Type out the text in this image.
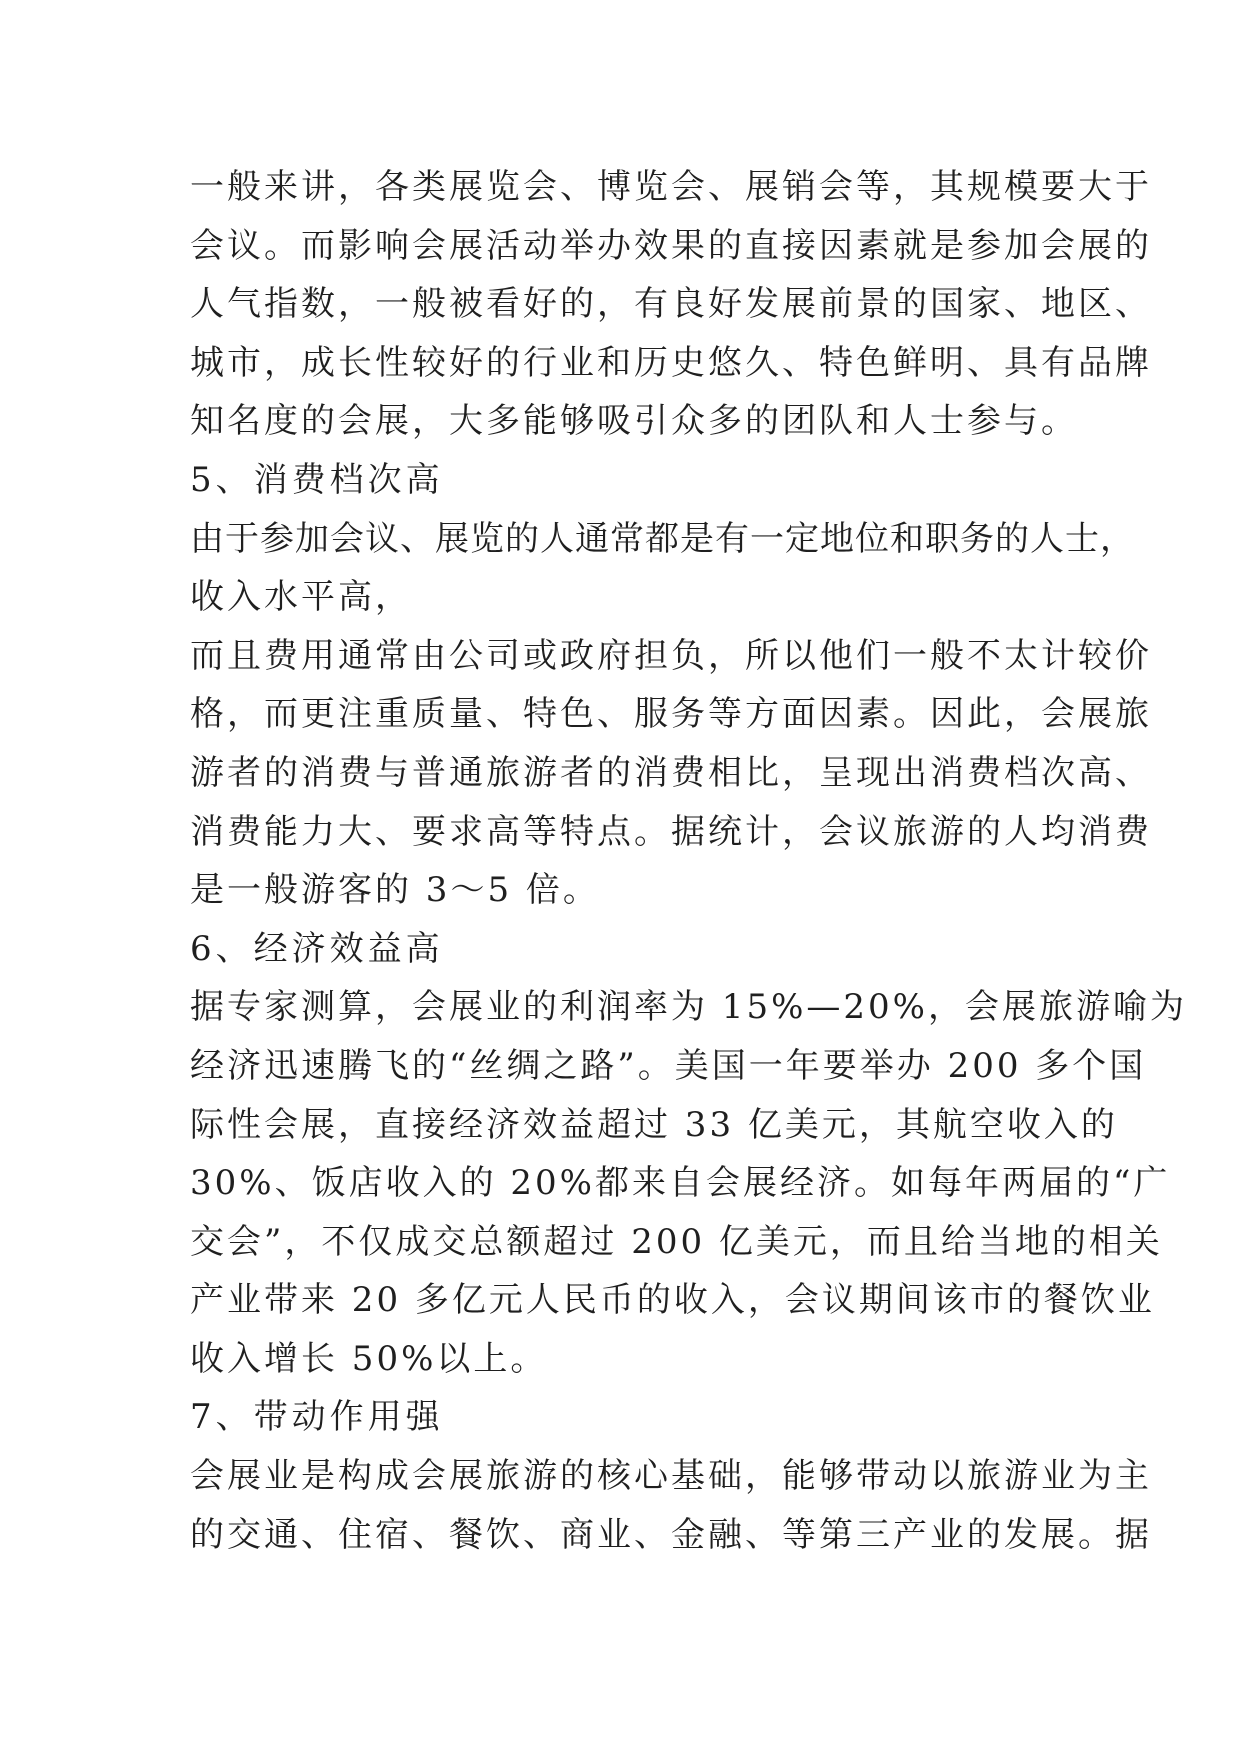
一般来讲，各类展览会、博览会、展销会等，其规模要大于
会议。而影响会展活动举办效果的直接因素就是参加会展的
人气指数，一般被看好的，有良好发展前景的国家、地区、
城市，成长性较好的行业和历史悠久、特色鲜明、具有品牌
知名度的会展，大多能够吸引众多的团队和人士参与。
5、消费档次高
由于参加会议、展览的人通常都是有一定地位和职务的人士，
收入水平高，
而且费用通常由公司或政府担负，所以他们一般不太计较价
格，而更注重质量、特色、服务等方面因素。因此，会展旅
游者的消费与普通旅游者的消费相比，呈现出消费档次高、
消费能力大、要求高等特点。据统计，会议旅游的人均消费
是一般游客的 3～5 倍。
6、经济效益高
据专家测算，会展业的利润率为 15%—20%，会展旅游喻为
经济迅速腾飞的“丝绸之路”。美国一年要举办 200 多个国
际性会展，直接经济效益超过 33 亿美元，其航空收入的
30%、饭店收入的 20%都来自会展经济。如每年两届的“广
交会”，不仅成交总额超过 200 亿美元，而且给当地的相关
产业带来 20 多亿元人民币的收入，会议期间该市的餐饮业
收入增长 50%以上。
7、带动作用强
会展业是构成会展旅游的核心基础，能够带动以旅游业为主
的交通、住宿、餐饮、商业、金融、等第三产业的发展。据
